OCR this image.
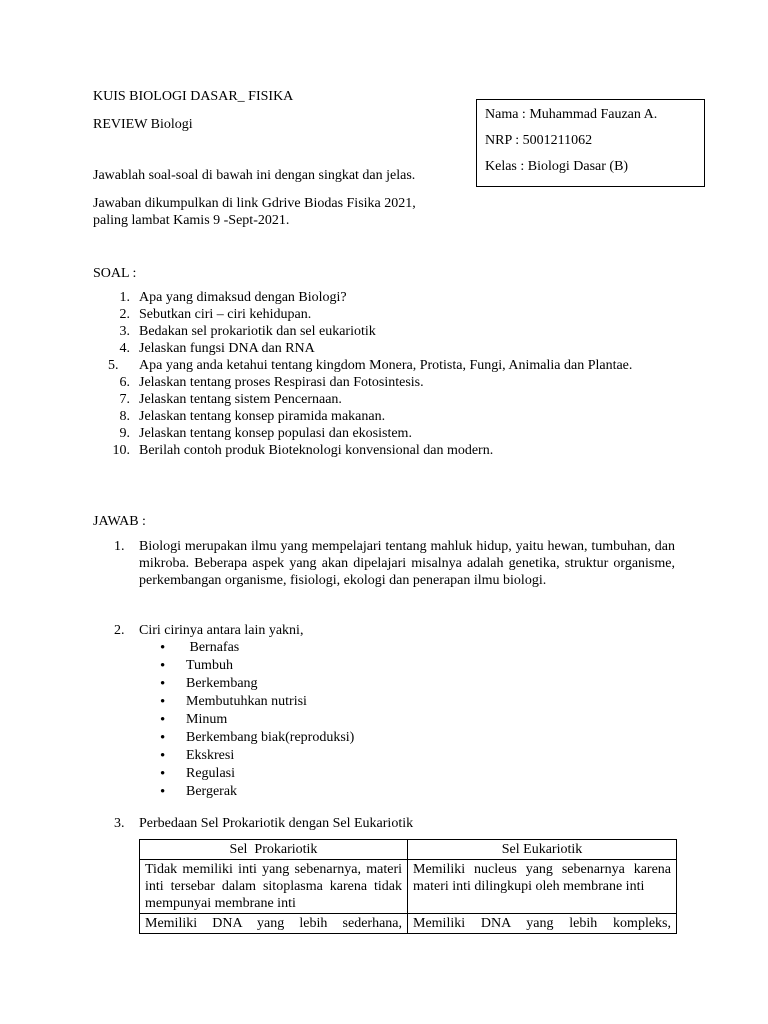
KUIS BIOLOGI DASAR_ FISIKA
REVIEW Biologi
Nama : Muhammad Fauzan A.
NRP : 5001211062
Kelas : Biologi Dasar (B)
Jawablah soal-soal di bawah ini dengan singkat dan jelas.
Jawaban dikumpulkan di link Gdrive Biodas Fisika 2021,
paling lambat Kamis 9 -Sept-2021.
SOAL :
1. Apa yang dimaksud dengan Biologi?
2. Sebutkan ciri – ciri kehidupan.
3. Bedakan sel prokariotik dan sel eukariotik
4. Jelaskan fungsi DNA dan RNA
5.	Apa yang anda ketahui tentang kingdom Monera, Protista, Fungi, Animalia dan Plantae.
6. Jelaskan tentang proses Respirasi dan Fotosintesis.
7. Jelaskan tentang sistem Pencernaan.
8. Jelaskan tentang konsep piramida makanan.
9. Jelaskan tentang konsep populasi dan ekosistem.
10. Berilah contoh produk Bioteknologi konvensional dan modern.
JAWAB :
1. Biologi merupakan ilmu yang mempelajari tentang mahluk hidup, yaitu hewan, tumbuhan, dan mikroba. Beberapa aspek yang akan dipelajari misalnya adalah genetika, struktur organisme, perkembangan organisme, fisiologi, ekologi dan penerapan ilmu biologi.
2. Ciri cirinya antara lain yakni,
•  Bernafas
• Tumbuh
• Berkembang
• Membutuhkan nutrisi
• Minum
• Berkembang biak(reproduksi)
• Ekskresi
• Regulasi
• Bergerak
3. Perbedaan Sel Prokariotik dengan Sel Eukariotik
Sel  Prokariotik	Sel Eukariotik
Tidak memiliki inti yang sebenarnya, materi inti tersebar dalam sitoplasma karena tidak mempunyai membrane inti	Memiliki nucleus yang sebenarnya karena materi inti dilingkupi oleh membrane inti
Memiliki DNA yang lebih sederhana,	Memiliki DNA yang lebih kompleks,
